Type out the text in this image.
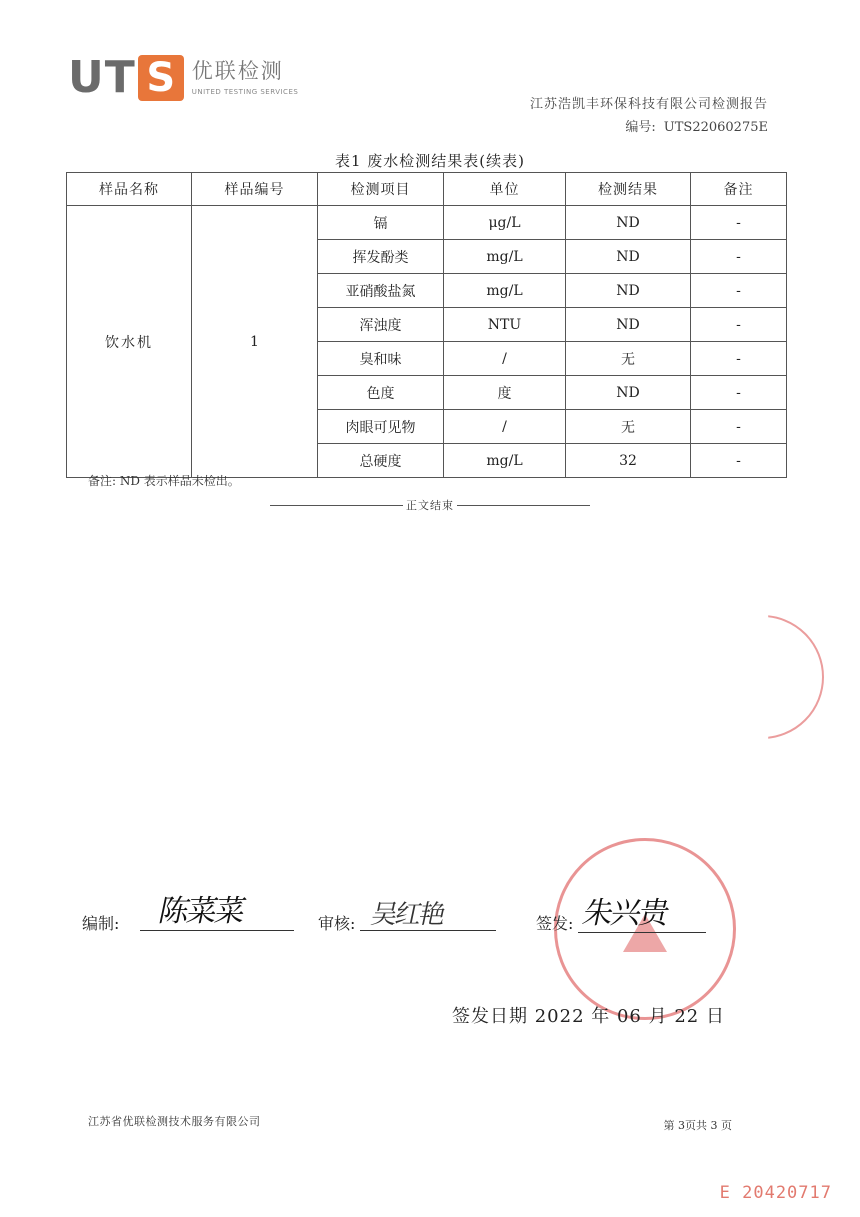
UT S 优联检测
UNITED TESTING SERVICES
江苏浩凯丰环保科技有限公司检测报告
编号: UTS22060275E
表1 废水检测结果表(续表)
样品名称	样品编号	检测项目	单位	检测结果	备注
饮水机	1	镉	μg/L	ND	-
		挥发酚类	mg/L	ND	-
		亚硝酸盐氮	mg/L	ND	-
		浑浊度	NTU	ND	-
		臭和味	/	无	-
		色度	度	ND	-
		肉眼可见物	/	无	-
		总硬度	mg/L	32	-
备注: ND 表示样品未检出。
正文结束
编制: 陈菜菜	审核: 吴红艳	签发: 朱兴贵
签发日期 2022 年 06 月 22 日
江苏省优联检测技术服务有限公司	第 3页共 3 页
E 20420717
